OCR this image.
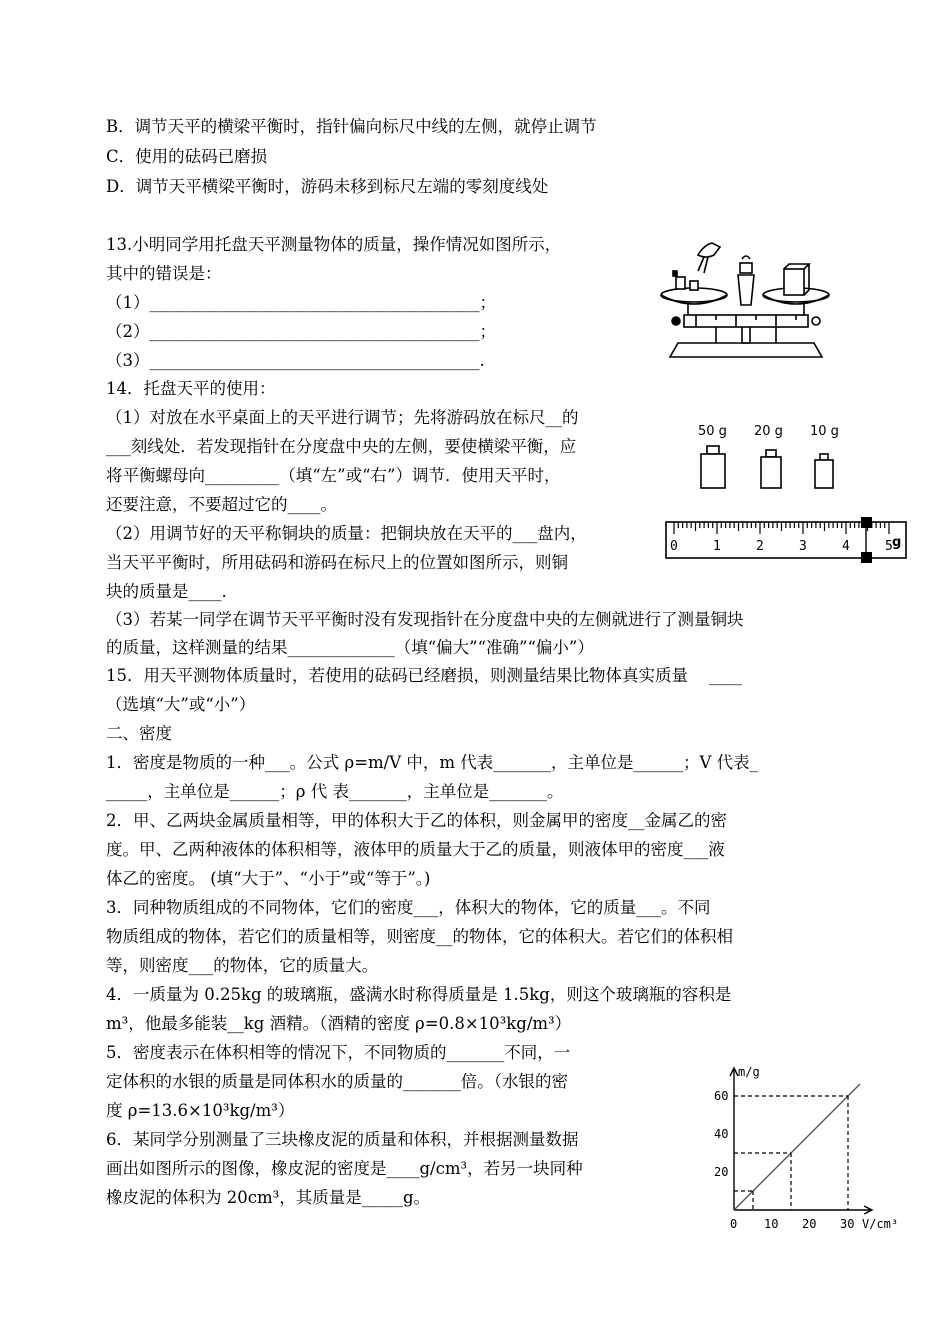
B．调节天平的横梁平衡时，指针偏向标尺中线的左侧，就停止调节
C．使用的砝码已磨损
D．调节天平横梁平衡时，游码未移到标尺左端的零刻度线处
13.小明同学用托盘天平测量物体的质量，操作情况如图所示，
其中的错误是：
（1）________________________________________；
（2）________________________________________；
（3）________________________________________.
14．托盘天平的使用：
（1）对放在水平桌面上的天平进行调节；先将游码放在标尺__的
___刻线处．若发现指针在分度盘中央的左侧，要使横梁平衡，应
将平衡螺母向_________（填“左”或“右”）调节．使用天平时，
还要注意，不要超过它的____。
（2）用调节好的天平称铜块的质量：把铜块放在天平的___盘内，
当天平平衡时，所用砝码和游码在标尺上的位置如图所示，则铜
块的质量是____.
（3）若某一同学在调节天平平衡时没有发现指针在分度盘中央的左侧就进行了测量铜块
的质量，这样测量的结果_____________（填“偏大”“准确”“偏小”）
50 g 20 g 10 g
0	1	2	3	4	5 g
15．用天平测物体质量时，若使用的砝码已经磨损，则测量结果比物体真实质量    ____
（选填“大”或“小”）
二、密度
1．密度是物质的一种___。公式 ρ=m/V 中，m 代表_______，主单位是______；V 代表_
_____，主单位是______；ρ 代 表_______，主单位是_______。
2．甲、乙两块金属质量相等，甲的体积大于乙的体积，则金属甲的密度__金属乙的密
度。甲、乙两种液体的体积相等，液体甲的质量大于乙的质量，则液体甲的密度___液
体乙的密度。 (填“大于”、“小于”或“等于”。)
3．同种物质组成的不同物体，它们的密度___，体积大的物体，它的质量___。不同
物质组成的物体，若它们的质量相等，则密度__的物体，它的体积大。若它们的体积相
等，则密度___的物体，它的质量大。
4．一质量为 0.25kg 的玻璃瓶，盛满水时称得质量是 1.5kg，则这个玻璃瓶的容积是
m³，他最多能装__kg 酒精。（酒精的密度 ρ=0.8×10³kg/m³）
5．密度表示在体积相等的情况下，不同物质的_______不同，一
定体积的水银的质量是同体积水的质量的_______倍。（水银的密
度 ρ=13.6×10³kg/m³）
6．某同学分别测量了三块橡皮泥的质量和体积，并根据测量数据
画出如图所示的图像，橡皮泥的密度是____g/cm³，若另一块同种
橡皮泥的体积为 20cm³，其质量是_____g。
m/g
V/cm³
60
40
20
0 10 20 30
